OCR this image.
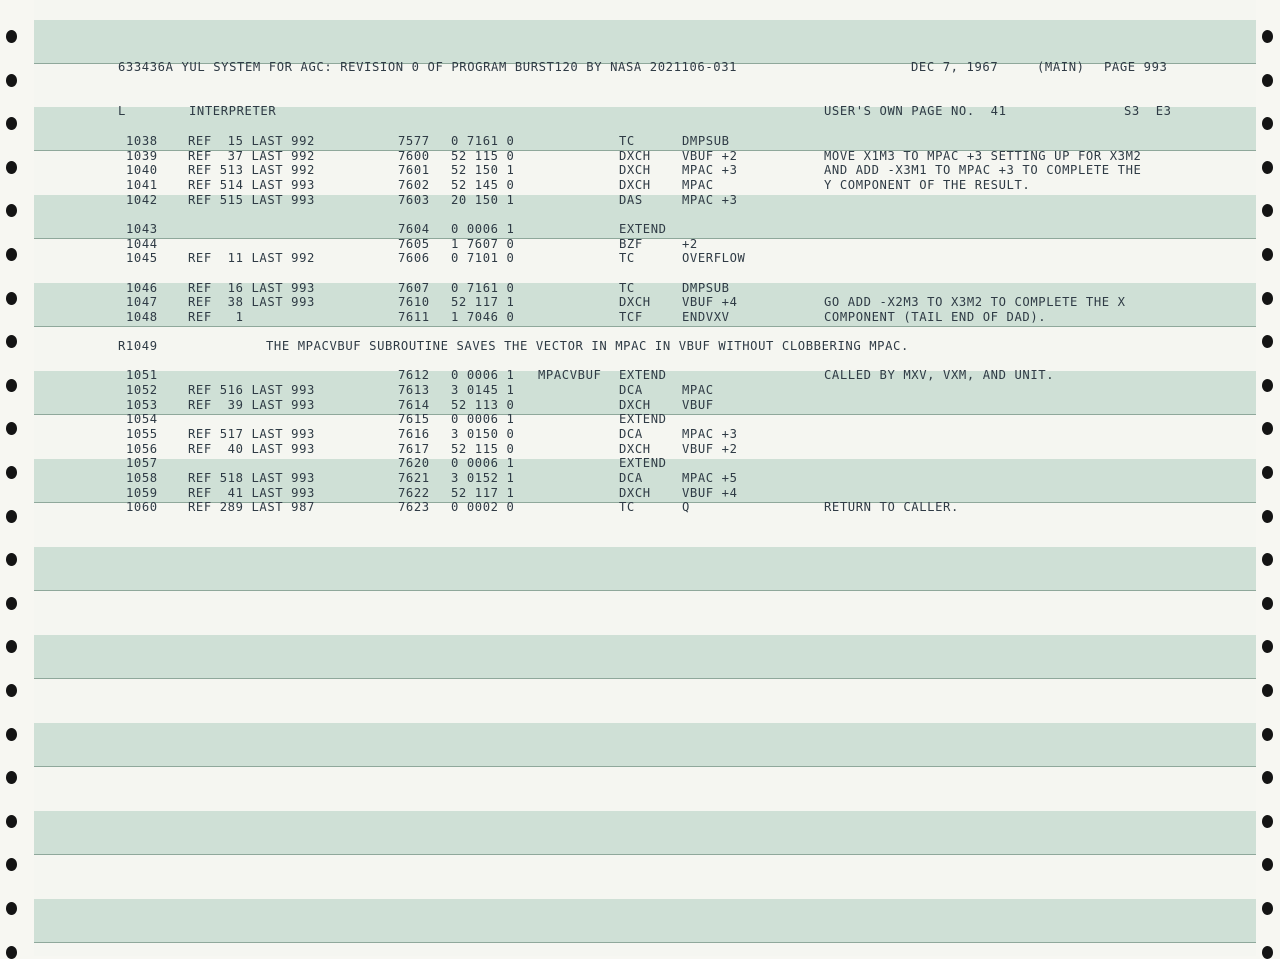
633436A YUL SYSTEM FOR AGC: REVISION 0 OF PROGRAM BURST120 BY NASA 2021106-031	DEC 7, 1967	(MAIN) PAGE 993
L	INTERPRETER	USER'S OWN PAGE NO.  41	S3  E3
1038 REF  15 LAST 992	7577 0 7161 0	TC	DMPSUB
1039 REF  37 LAST 992	7600 52 115 0	DXCH	VBUF +2	MOVE X1M3 TO MPAC +3 SETTING UP FOR X3M2
1040 REF 513 LAST 992	7601 52 150 1	DXCH	MPAC +3	AND ADD -X3M1 TO MPAC +3 TO COMPLETE THE
1041 REF 514 LAST 993	7602 52 145 0	DXCH	MPAC	Y COMPONENT OF THE RESULT.
1042 REF 515 LAST 993	7603 20 150 1	DAS	MPAC +3
1043	7604 0 0006 1	EXTEND
1044	7605 1 7607 0	BZF	+2
1045 REF  11 LAST 992	7606 0 7101 0	TC	OVERFLOW
1046 REF  16 LAST 993	7607 0 7161 0	TC	DMPSUB
1047 REF  38 LAST 993	7610 52 117 1	DXCH	VBUF +4	GO ADD -X2M3 TO X3M2 TO COMPLETE THE X
1048 REF   1	7611 1 7046 0	TCF	ENDVXV	COMPONENT (TAIL END OF DAD).
R1049	THE MPACVBUF SUBROUTINE SAVES THE VECTOR IN MPAC IN VBUF WITHOUT CLOBBERING MPAC.
1051	7612 0 0006 1 MPACVBUF EXTEND	CALLED BY MXV, VXM, AND UNIT.
1052 REF 516 LAST 993	7613 3 0145 1	DCA	MPAC
1053 REF  39 LAST 993	7614 52 113 0	DXCH	VBUF
1054	7615 0 0006 1	EXTEND
1055 REF 517 LAST 993	7616 3 0150 0	DCA	MPAC +3
1056 REF  40 LAST 993	7617 52 115 0	DXCH	VBUF +2
1057	7620 0 0006 1	EXTEND
1058 REF 518 LAST 993	7621 3 0152 1	DCA	MPAC +5
1059 REF  41 LAST 993	7622 52 117 1	DXCH	VBUF +4
1060 REF 289 LAST 987	7623 0 0002 0	TC	Q	RETURN TO CALLER.
